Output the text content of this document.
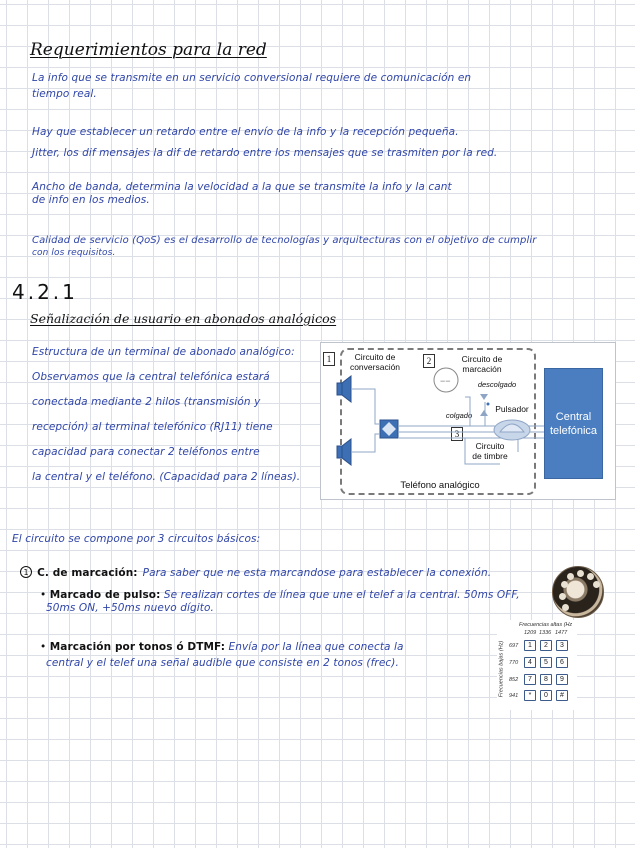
Requerimientos para la red
La info que se transmite en un servicio conversional requiere de comunicación en
tiempo real.
Hay que establecer un retardo entre el envío de la info y la recepción pequeña.
Jitter, los dif mensajes la dif de retardo entre los mensajes que se trasmiten por la red.
Ancho de banda, determina la velocidad a la que se transmite la info y la cant
de info en los medios.
Calidad de servicio (QoS) es el desarrollo de tecnologías y arquitecturas con el objetivo de cumplir
con los requisitos.
4.2.1
Señalización de usuario en abonados analógicos
Estructura de un terminal de abonado analógico:
Observamos que la central telefónica estará
conectada mediante 2 hilos (transmisión y
recepción) al terminal telefónico (RJ11) tiene
capacidad para conectar 2 teléfonos entre
la central y el teléfono. (Capacidad para 2 líneas).
1	2
3
Circuito de
conversación
Circuito de
marcación
descolgado
colgado
Pulsador
Circuito
de timbre
Teléfono analógico
−−
Central
telefónica
El circuito se compone por 3 circuitos básicos:
1 C. de marcación: Para saber que ne esta marcandose para establecer la conexión.
• Marcado de pulso: Se realizan cortes de línea que une el telef a la central. 50ms OFF,
50ms ON, +50ms nuevo dígito.
• Marcación por tonos ó DTMF: Envía por la línea que conecta la
central y el telef una señal audible que consiste en 2 tonos (frec).
Frecuencias altas (Hz
1209 1336 1477
Frecuencias bajas (Hz) 697
770
852
941
1	2	3
4	5	6
7	8	9
*	0	#
